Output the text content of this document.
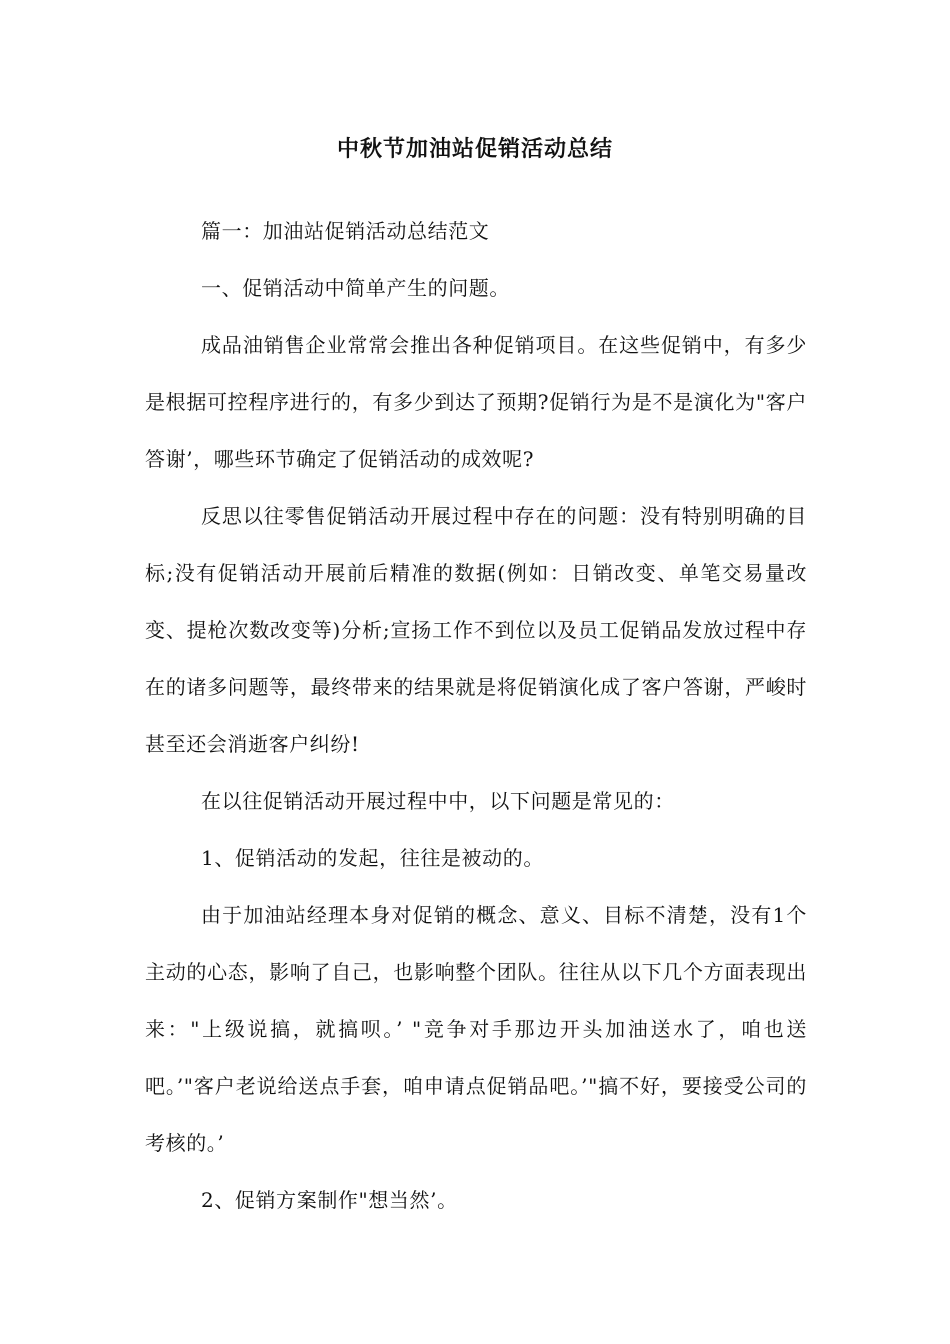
中秋节加油站促销活动总结

篇一：加油站促销活动总结范文

一、促销活动中简单产生的问题。

成品油销售企业常常会推出各种促销项目。在这些促销中，有多少是根据可控程序进行的，有多少到达了预期?促销行为是不是演化为"客户答谢’，哪些环节确定了促销活动的成效呢?

反思以往零售促销活动开展过程中存在的问题：没有特别明确的目标;没有促销活动开展前后精准的数据(例如：日销改变、单笔交易量改变、提枪次数改变等)分析;宣扬工作不到位以及员工促销品发放过程中存在的诸多问题等，最终带来的结果就是将促销演化成了客户答谢，严峻时甚至还会消逝客户纠纷!

在以往促销活动开展过程中中，以下问题是常见的：

1、促销活动的发起，往往是被动的。

由于加油站经理本身对促销的概念、意义、目标不清楚，没有1个主动的心态，影响了自己，也影响整个团队。往往从以下几个方面表现出来："上级说搞，就搞呗。’ "竞争对手那边开头加油送水了，咱也送吧。’"客户老说给送点手套，咱申请点促销品吧。’"搞不好，要接受公司的考核的。’

2、促销方案制作"想当然’。
